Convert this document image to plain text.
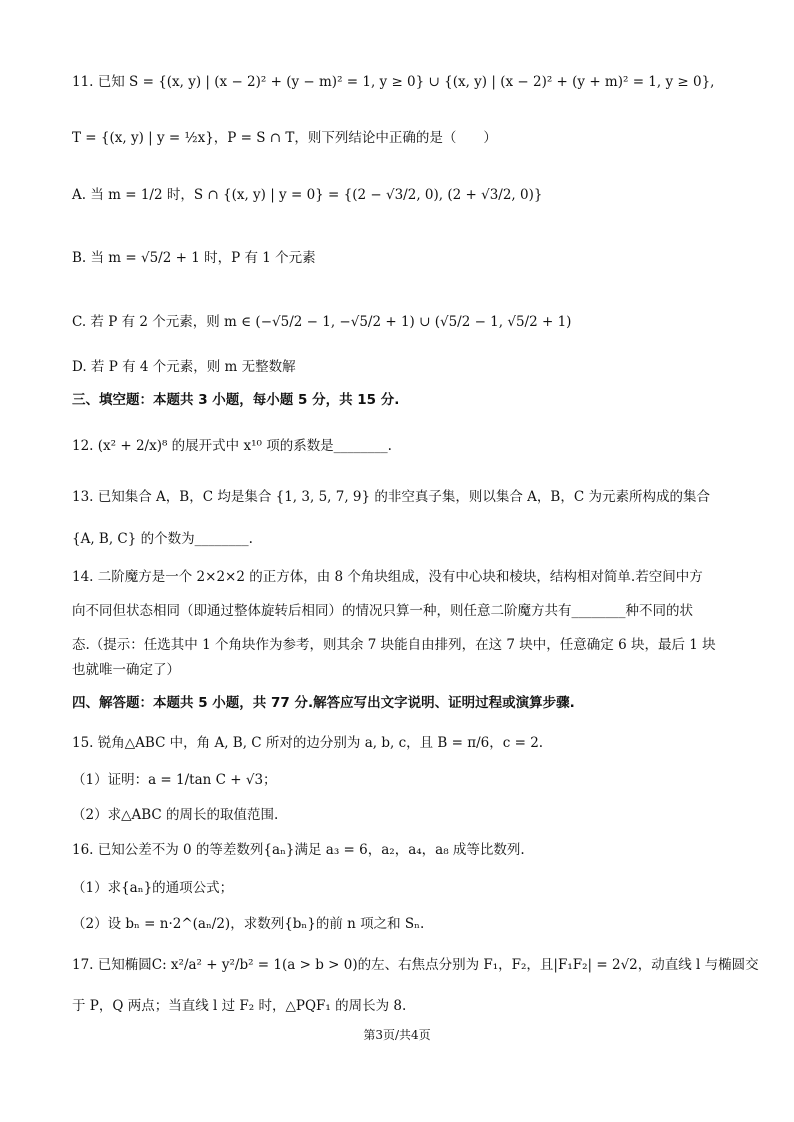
11. 已知 S = {(x, y) | (x − 2)² + (y − m)² = 1, y ≥ 0} ∪ {(x, y) | (x − 2)² + (y + m)² = 1, y ≥ 0},
T = {(x, y) | y = ½x}，P = S ∩ T，则下列结论中正确的是（　　）
A. 当 m = 1/2 时，S ∩ {(x, y) | y = 0} = {(2 − √3/2, 0), (2 + √3/2, 0)}
B. 当 m = √5/2 + 1 时，P 有 1 个元素
C. 若 P 有 2 个元素，则 m ∈ (−√5/2 − 1, −√5/2 + 1) ∪ (√5/2 − 1, √5/2 + 1)
D. 若 P 有 4 个元素，则 m 无整数解
三、填空题：本题共 3 小题，每小题 5 分，共 15 分.
12. (x² + 2/x)⁸ 的展开式中 x¹⁰ 项的系数是________.
13. 已知集合 A，B，C 均是集合 {1, 3, 5, 7, 9} 的非空真子集，则以集合 A，B，C 为元素所构成的集合
{A, B, C} 的个数为________.
14. 二阶魔方是一个 2×2×2 的正方体，由 8 个角块组成，没有中心块和棱块，结构相对简单.若空间中方
向不同但状态相同（即通过整体旋转后相同）的情况只算一种，则任意二阶魔方共有________种不同的状
态.（提示：任选其中 1 个角块作为参考，则其余 7 块能自由排列，在这 7 块中，任意确定 6 块，最后 1 块
也就唯一确定了）
四、解答题：本题共 5 小题，共 77 分.解答应写出文字说明、证明过程或演算步骤.
15. 锐角△ABC 中，角 A, B, C 所对的边分别为 a, b, c，且 B = π/6，c = 2.
（1）证明：a = 1/tan C + √3；
（2）求△ABC 的周长的取值范围.
16. 已知公差不为 0 的等差数列{aₙ}满足 a₃ = 6，a₂，a₄，a₈ 成等比数列.
（1）求{aₙ}的通项公式；
（2）设 bₙ = n·2^(aₙ/2)，求数列{bₙ}的前 n 项之和 Sₙ.
17. 已知椭圆C: x²/a² + y²/b² = 1(a > b > 0)的左、右焦点分别为 F₁，F₂，且|F₁F₂| = 2√2，动直线 l 与椭圆交
于 P，Q 两点；当直线 l 过 F₂ 时，△PQF₁ 的周长为 8.
第3页/共4页
